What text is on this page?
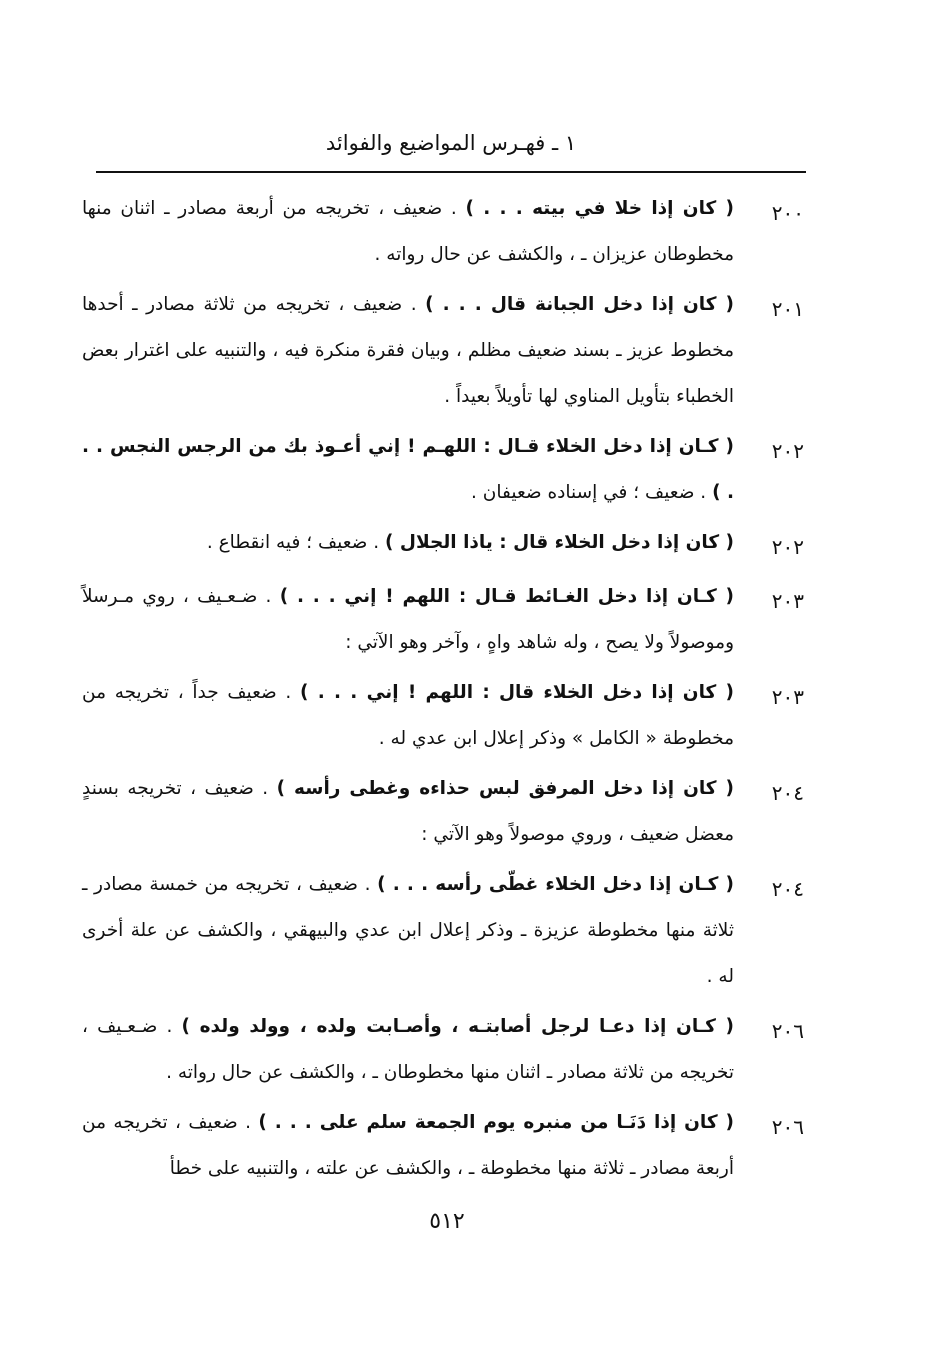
١ ـ فهـرس المواضيع والفوائد
٢٠٠
( كان إذا خلا في بيته . . . ) . ضعيف ، تخريجه من أربعة مصادر ـ اثنان منها مخطوطان عزيزان ـ ، والكشف عن حال رواته .
٢٠١
( كان إذا دخل الجبانة قال . . . ) . ضعيف ، تخريجه من ثلاثة مصادر ـ أحدها مخطوط عزيز ـ بسند ضعيف مظلم ، وبيان فقرة منكرة فيه ، والتنبيه على اغترار بعض الخطباء بتأويل المناوي لها تأويلاً بعيداً .
٢٠٢
( كـان إذا دخل الخلاء قـال : اللهـم ! إني أعـوذ بك من الرجس النجس . . . ) . ضعيف ؛ في إسناده ضعيفان .
٢٠٢
( كان إذا دخل الخلاء قال : ياذا الجلال ) . ضعيف ؛ فيه انقطاع .
٢٠٣
( كـان إذا دخل الغـائط قـال : اللهم ! إني . . . ) . ضـعـيف ، روي مـرسلاً وموصولاً ولا يصح ، وله شاهد واهٍ ، وآخر وهو الآتي :
٢٠٣
( كان إذا دخل الخلاء قال : اللهم ! إني . . . ) . ضعيف جداً ، تخريجه من مخطوطة « الكامل » وذكر إعلال ابن عدي له .
٢٠٤
( كان إذا دخل المرفق لبس حذاءه وغطى رأسه ) . ضعيف ، تخريجه بسندٍ معضل ضعيف ، وروي موصولاً وهو الآتي :
٢٠٤
( كـان إذا دخل الخلاء غطّى رأسه . . . ) . ضعيف ، تخريجه من خمسة مصادر ـ ثلاثة منها مخطوطة عزيزة ـ وذكر إعلال ابن عدي والبيهقي ، والكشف عن علة أخرى له .
٢٠٦
( كـان إذا دعـا لرجل أصابتـه ، وأصـابت ولده ، وولد ولده ) . ضـعـيف ، تخريجه من ثلاثة مصادر ـ اثنان منها مخطوطان ـ ، والكشف عن حال رواته .
٢٠٦
( كان إذا دَنَـا من منبره يوم الجمعة سلم على . . . ) . ضعيف ، تخريجه من أربعة مصادر ـ ثلاثة منها مخطوطة ـ ، والكشف عن علته ، والتنبيه على خطأ
٥١٢
